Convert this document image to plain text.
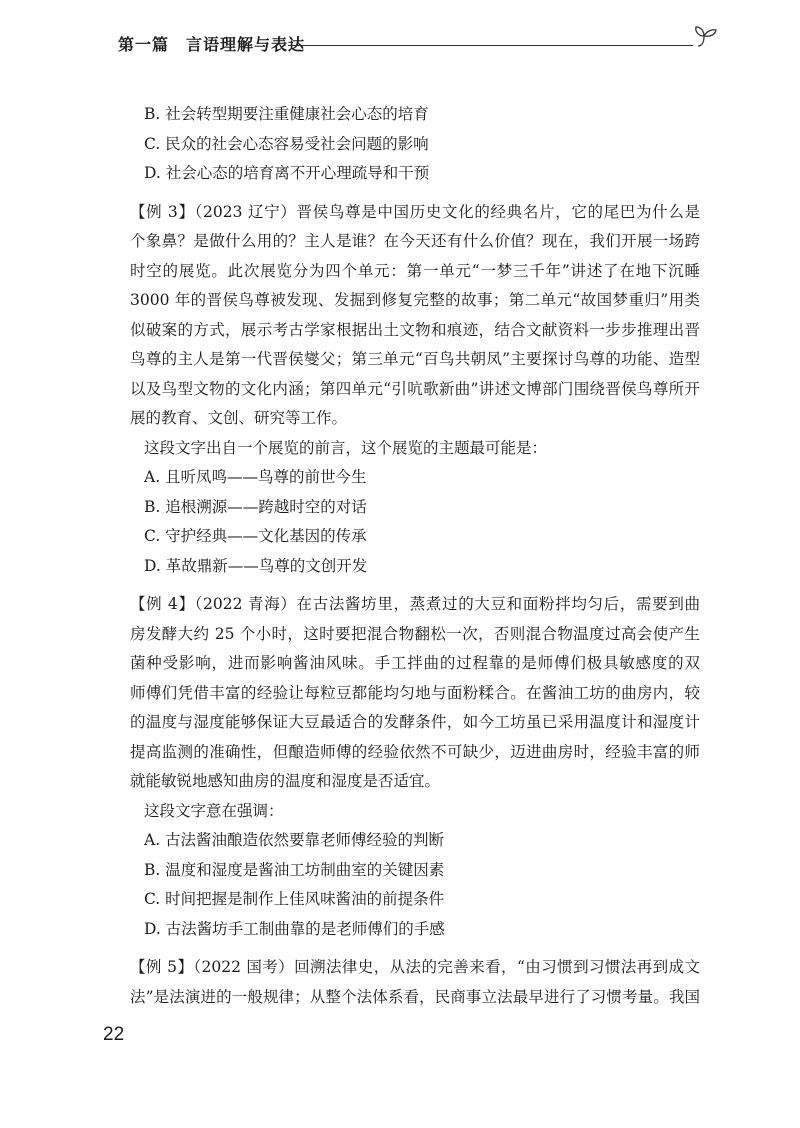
第一篇　言语理解与表达
B. 社会转型期要注重健康社会心态的培育
C. 民众的社会心态容易受社会问题的影响
D. 社会心态的培育离不开心理疏导和干预
【例 3】（2023 辽宁）晋侯鸟尊是中国历史文化的经典名片，它的尾巴为什么是
个象鼻？是做什么用的？主人是谁？在今天还有什么价值？现在，我们开展一场跨
时空的展览。此次展览分为四个单元：第一单元“一梦三千年”讲述了在地下沉睡
3000 年的晋侯鸟尊被发现、发掘到修复完整的故事；第二单元“故国梦重归”用类
似破案的方式，展示考古学家根据出土文物和痕迹，结合文献资料一步步推理出晋
鸟尊的主人是第一代晋侯燮父；第三单元“百鸟共朝凤”主要探讨鸟尊的功能、造型
以及鸟型文物的文化内涵；第四单元“引吭歌新曲”讲述文博部门围绕晋侯鸟尊所开
展的教育、文创、研究等工作。
这段文字出自一个展览的前言，这个展览的主题最可能是：
A. 且听凤鸣——鸟尊的前世今生
B. 追根溯源——跨越时空的对话
C. 守护经典——文化基因的传承
D. 革故鼎新——鸟尊的文创开发
【例 4】（2022 青海）在古法酱坊里，蒸煮过的大豆和面粉拌均匀后，需要到曲
房发酵大约 25 个小时，这时要把混合物翻松一次，否则混合物温度过高会使产生
菌种受影响，进而影响酱油风味。手工拌曲的过程靠的是师傅们极具敏感度的双
师傅们凭借丰富的经验让每粒豆都能均匀地与面粉糅合。在酱油工坊的曲房内，较
的温度与湿度能够保证大豆最适合的发酵条件，如今工坊虽已采用温度计和湿度计
提高监测的准确性，但酿造师傅的经验依然不可缺少，迈进曲房时，经验丰富的师
就能敏锐地感知曲房的温度和湿度是否适宜。
这段文字意在强调：
A. 古法酱油酿造依然要靠老师傅经验的判断
B. 温度和湿度是酱油工坊制曲室的关键因素
C. 时间把握是制作上佳风味酱油的前提条件
D. 古法酱坊手工制曲靠的是老师傅们的手感
【例 5】（2022 国考）回溯法律史，从法的完善来看，“由习惯到习惯法再到成文
法”是法演进的一般规律；从整个法体系看，民商事立法最早进行了习惯考量。我国
22
